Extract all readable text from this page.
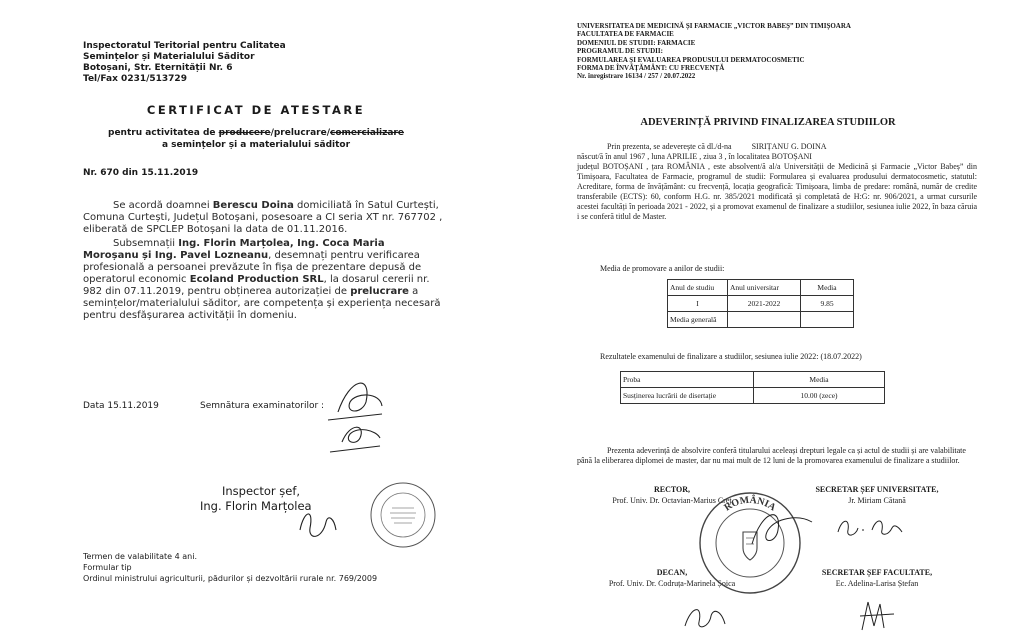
Inspectoratul Teritorial pentru Calitatea
Semințelor și Materialului Săditor
Botoșani, Str. Eternității Nr. 6
Tel/Fax 0231/513729
CERTIFICAT DE ATESTARE
pentru activitatea de producere/prelucrare/comercializare
a semințelor și a materialului săditor
Nr. 670 din 15.11.2019
Se acordă doamnei Berescu Doina domiciliată în Satul Curtești, Comuna Curtești, Județul Botoșani, posesoare a CI seria XT nr. 767702 , eliberată de SPCLEP Botoșani la data de 01.11.2016.
Subsemnații Ing. Florin Marțolea, Ing. Coca Maria Moroșanu și Ing. Pavel Lozneanu, desemnați pentru verificarea profesională a persoanei prevăzute în fișa de prezentare depusă de operatorul economic Ecoland Production SRL, la dosarul cererii nr. 982 din 07.11.2019, pentru obținerea autorizației de prelucrare a semințelor/materialului săditor, are competența și experiența necesară pentru desfășurarea activității în domeniu.
Data 15.11.2019	Semnătura examinatorilor :
Inspector șef,
Ing. Florin Marțolea
Termen de valabilitate 4 ani.
Formular tip
Ordinul ministrului agriculturii, pădurilor și dezvoltării rurale nr. 769/2009
UNIVERSITATEA DE MEDICINĂ ȘI FARMACIE „VICTOR BABEȘ” DIN TIMIȘOARA
FACULTATEA DE FARMACIE
DOMENIUL DE STUDII: FARMACIE
PROGRAMUL DE STUDII:
FORMULAREA ȘI EVALUAREA PRODUSULUI DERMATOCOSMETIC
FORMA DE ÎNVĂȚĂMÂNT: CU FRECVENȚĂ
Nr. înregistrare 16134 / 257 / 20.07.2022
ADEVERINȚĂ PRIVIND FINALIZAREA STUDIILOR
Prin prezenta, se adeverește că dl./d-na	SIRIȚANU G. DOINA
născut/ă în anul 1967 , luna APRILIE , ziua 3 , în localitatea BOTOȘANI
județul BOTOȘANI , țara ROMÂNIA , este absolvent/ă al/a Universității de Medicină și Farmacie „Victor Babeș” din Timișoara, Facultatea de Farmacie, programul de studii: Formularea și evaluarea produsului dermatocosmetic, statutul: Acreditare, forma de învățământ: cu frecvență, locația geografică: Timișoara, limba de predare: română, număr de credite transferabile (ECTS): 60, conform H.G. nr. 385/2021 modificată și completată de H:G: nr. 906/2021, a urmat cursurile acestei facultăți în perioada 2021 - 2022, și a promovat examenul de finalizare a studiilor, sesiunea iulie 2022, în baza căruia i se conferă titlul de Master.
Media de promovare a anilor de studii:
Anul de studiu	Anul universitar	Media
I	2021-2022	9.85
Media generală		
Rezultatele examenului de finalizare a studiilor, sesiunea iulie 2022: (18.07.2022)
Proba	Media
Susținerea lucrării de disertație	10.00 (zece)
Prezenta adeverință de absolvire conferă titularului aceleași drepturi legale ca și actul de studii și are valabilitate până la eliberarea diplomei de master, dar nu mai mult de 12 luni de la promovarea examenului de finalizare a studiilor.
RECTOR,
Prof. Univ. Dr. Octavian-Marius Creț
SECRETAR ȘEF UNIVERSITATE,
Jr. Miriam Cătană
DECAN,
Prof. Univ. Dr. Codruța-Marinela Șoica
SECRETAR ȘEF FACULTATE,
Ec. Adelina-Larisa Ștefan
ROMÂNIA
